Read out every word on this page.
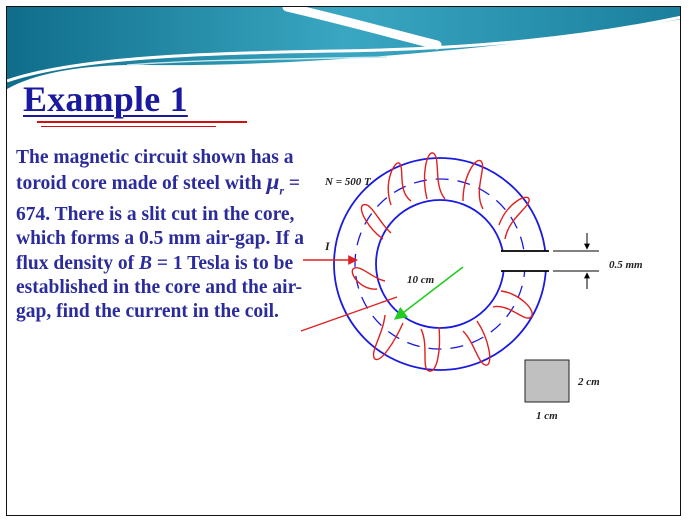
Example 1

The magnetic circuit shown has a toroid core made of steel with $\mu_r = 674$. There is a slit cut in the core, which forms a 0.5 mm air-gap. If a flux density of B = 1 Tesla is to be established in the core and the air-gap, find the current in the coil.

0.5 mm
I
N = 500 T
10 cm
2 cm
1 cm
